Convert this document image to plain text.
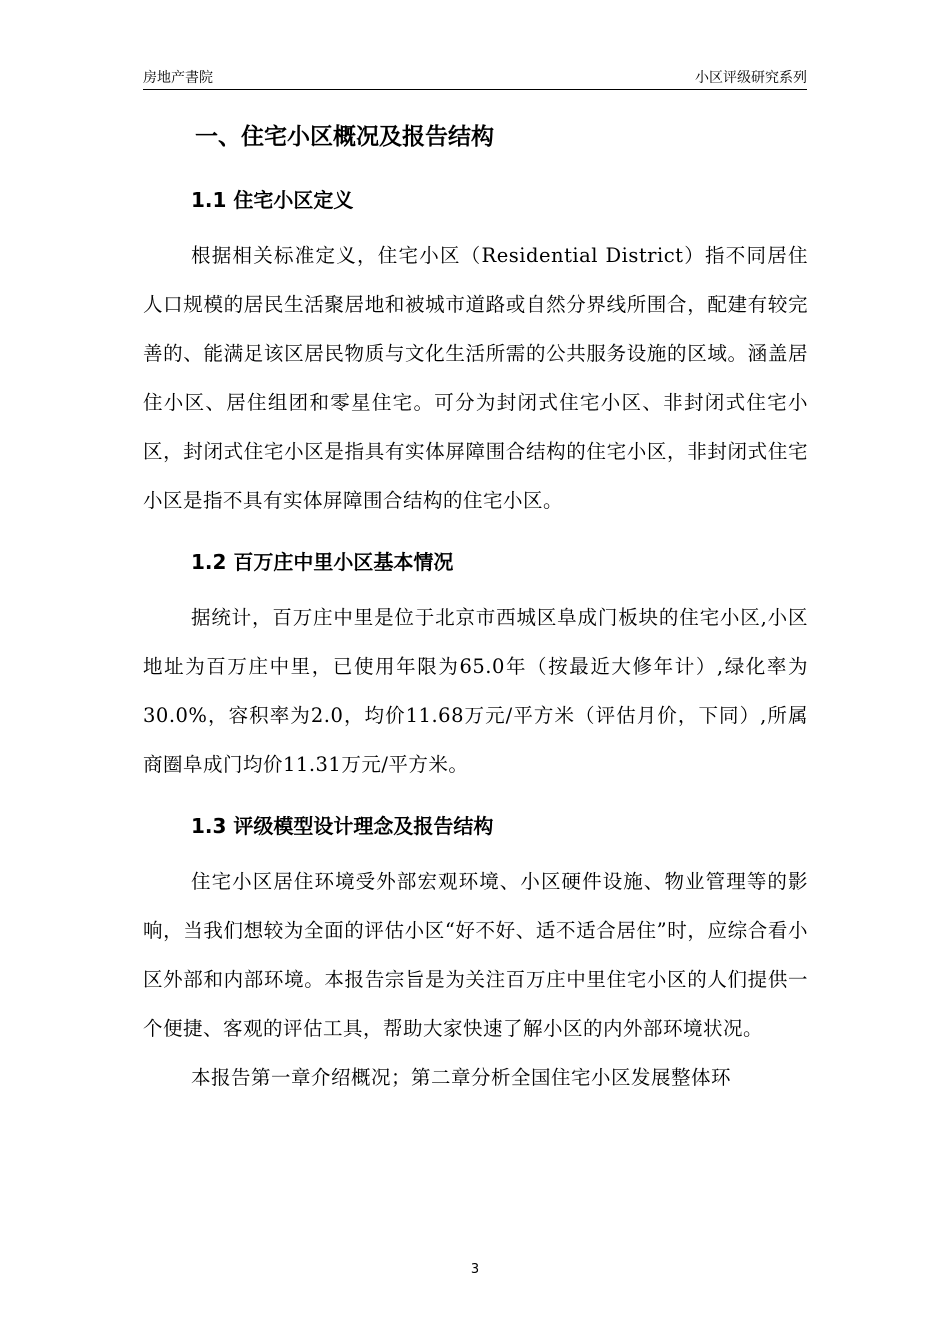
房地产書院	小区评级研究系列
一、住宅小区概况及报告结构
1.1 住宅小区定义

根据相关标准定义，住宅小区（Residential District）指不同居住人口规模的居民生活聚居地和被城市道路或自然分界线所围合，配建有较完善的、能满足该区居民物质与文化生活所需的公共服务设施的区域。涵盖居住小区、居住组团和零星住宅。可分为封闭式住宅小区、非封闭式住宅小区，封闭式住宅小区是指具有实体屏障围合结构的住宅小区，非封闭式住宅小区是指不具有实体屏障围合结构的住宅小区。

1.2 百万庄中里小区基本情况

据统计，百万庄中里是位于北京市西城区阜成门板块的住宅小区,小区地址为百万庄中里，已使用年限为65.0年（按最近大修年计）,绿化率为30.0%，容积率为2.0，均价11.68万元/平方米（评估月价，下同）,所属商圈阜成门均价11.31万元/平方米。

1.3 评级模型设计理念及报告结构

住宅小区居住环境受外部宏观环境、小区硬件设施、物业管理等的影响，当我们想较为全面的评估小区“好不好、适不适合居住”时，应综合看小区外部和内部环境。本报告宗旨是为关注百万庄中里住宅小区的人们提供一个便捷、客观的评估工具，帮助大家快速了解小区的内外部环境状况。

本报告第一章介绍概况；第二章分析全国住宅小区发展整体环

3
